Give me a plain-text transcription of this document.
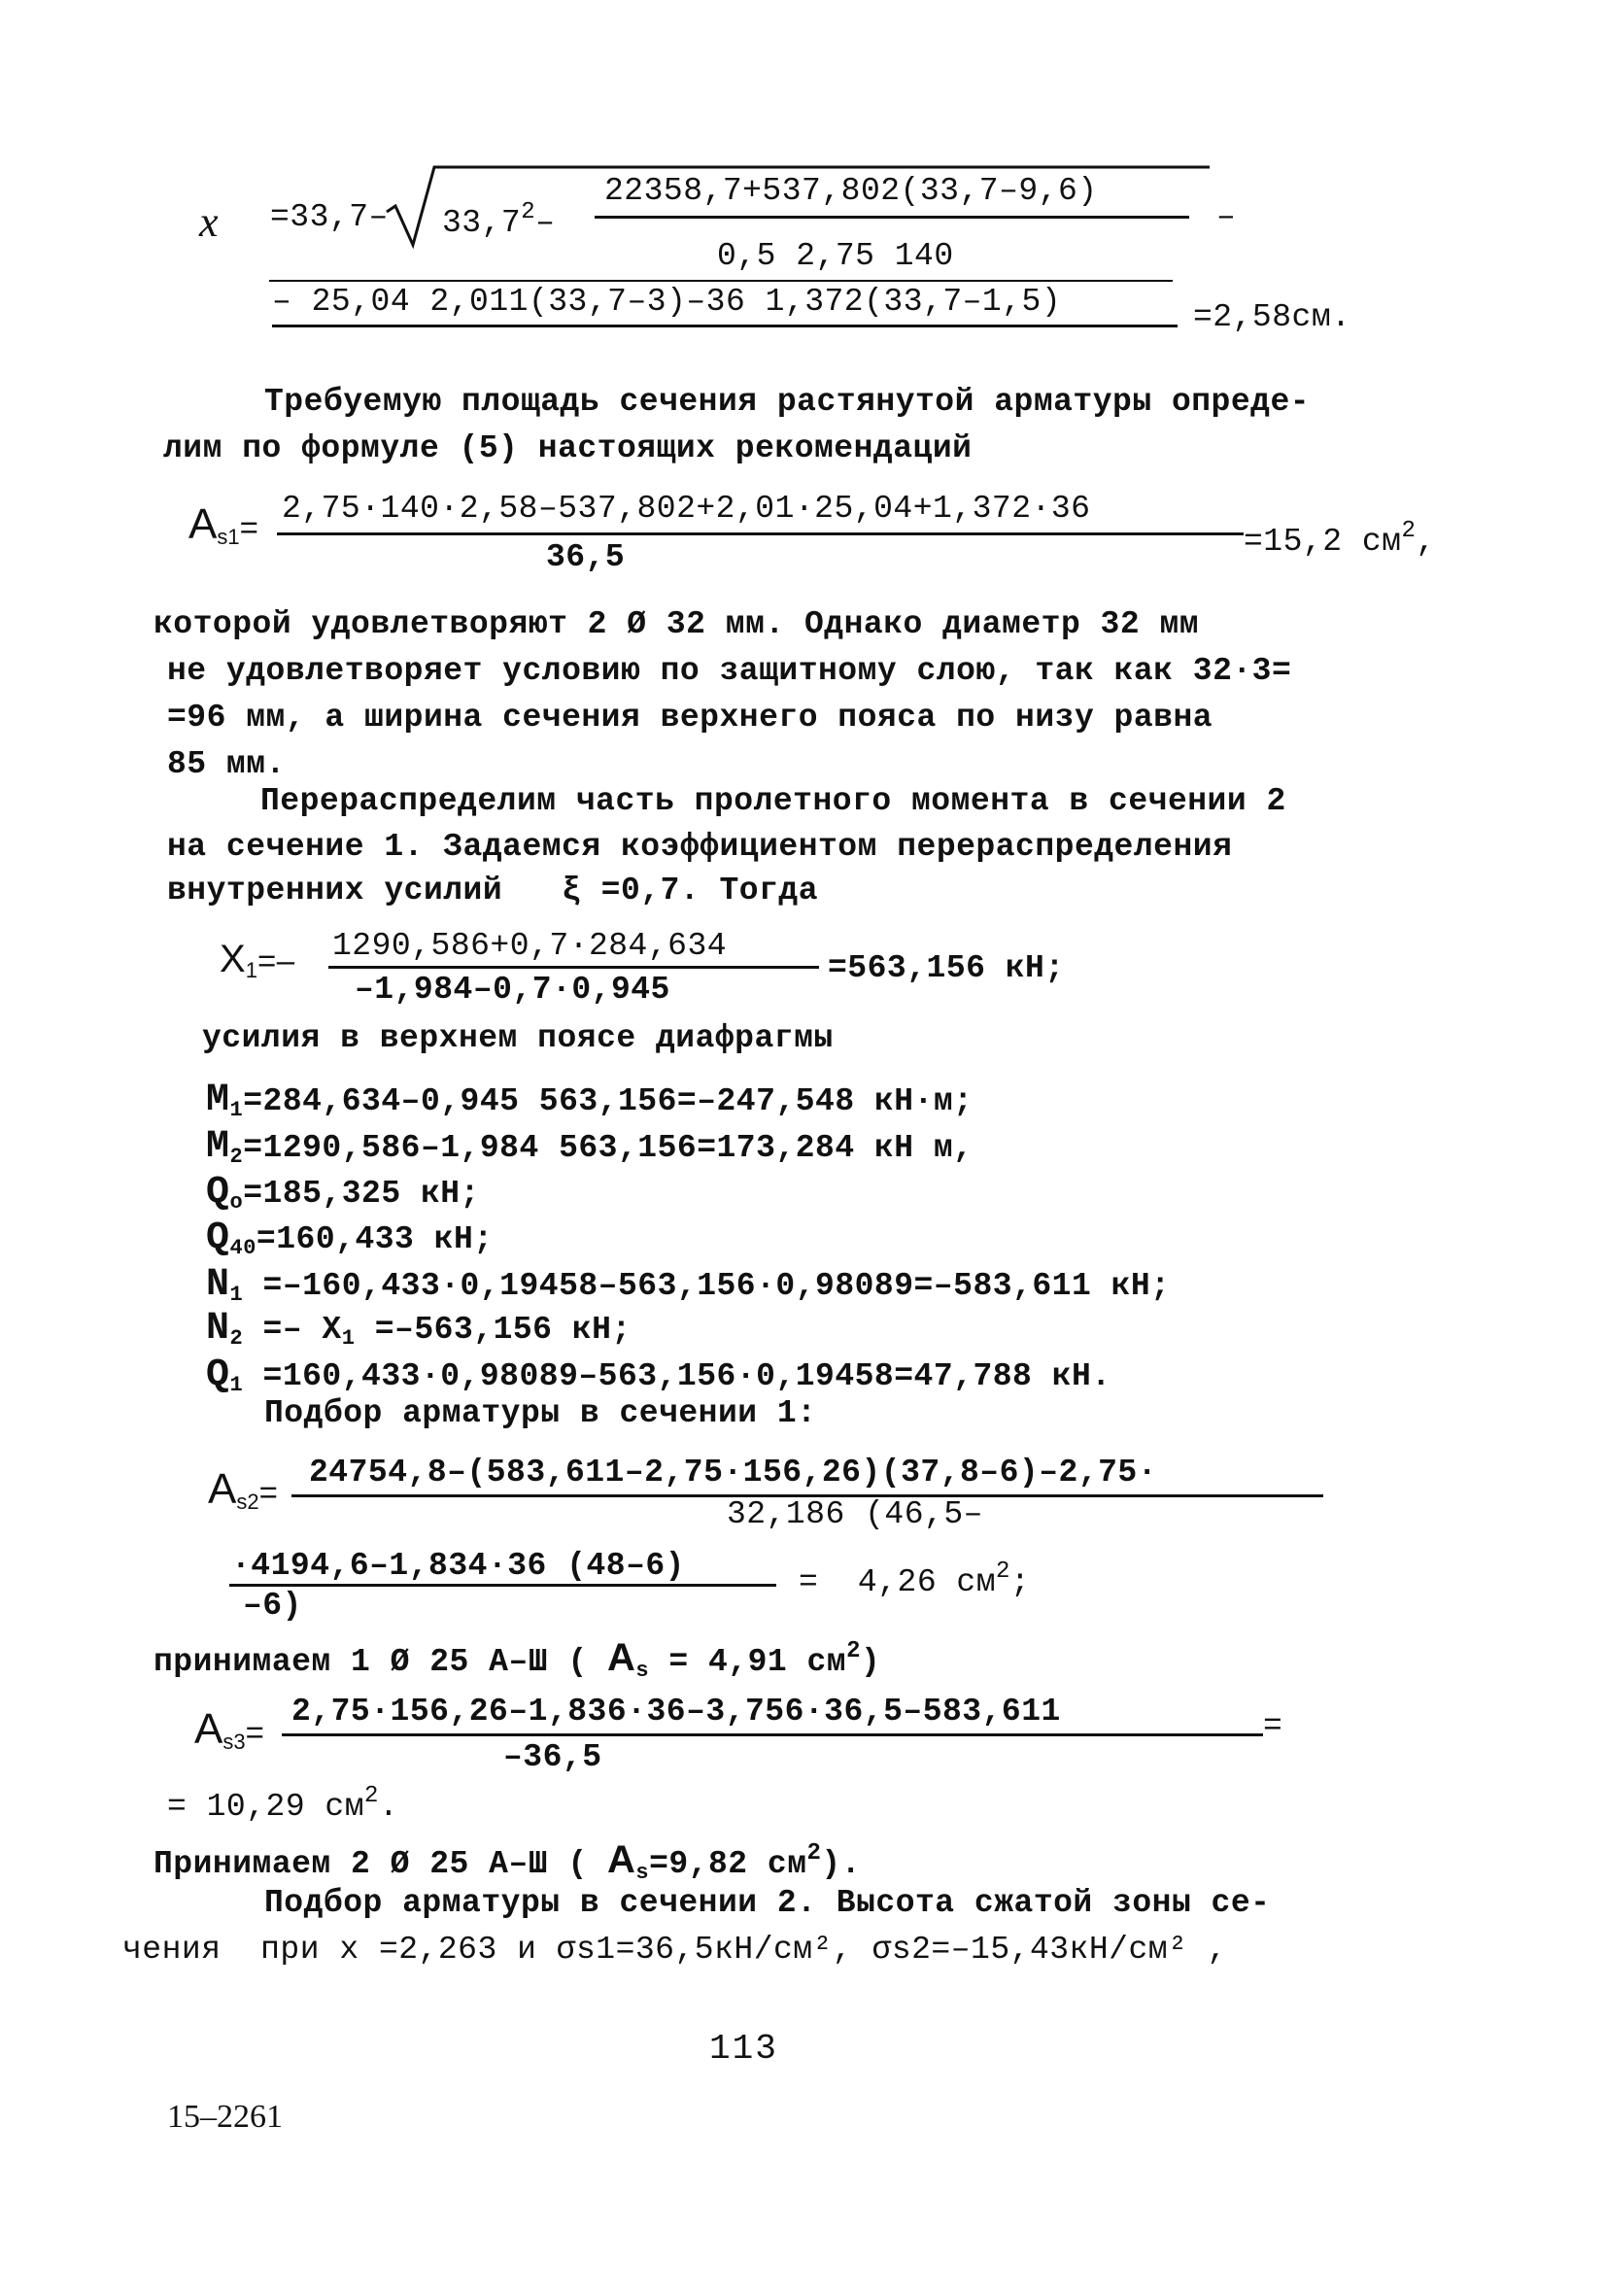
x =33,7– 33,7$^2$–
22358,7+537,802(33,7–9,6)
0,5 2,75 140
–
– 25,04 2,011(33,7–3)–36 1,372(33,7–1,5)	=2,58см.
Требуемую площадь сечения растянутой арматуры опреде-
лим по формуле (5) настоящих рекомендаций
$A_{s1}=$
2,75·140·2,58–537,802+2,01·25,04+1,372·36
36,5	=15,2 $см^2$,
которой удовлетворяют 2 Ø 32 мм. Однако диаметр 32 мм
не удовлетворяет условию по защитному слою, так как 32·3=
=96 мм, а ширина сечения верхнего пояса по низу равна
85 мм.
Перераспределим часть пролетного момента в сечении 2
на сечение 1. Задаемся коэффициентом перераспределения
внутренних усилий   ξ =0,7. Тогда
$X_1=-$ 1290,586+0,7·284,634
–1,984–0,7·0,945
=563,156 кН;
усилия в верхнем поясе диафрагмы
$M_1=284,634-0,945$ 563,156=–247,548 кН·м;
$M_2=1290,586-1,984$ 563,156=173,284 кН м,
$Q_o=185,325$ кН;
$Q_{40}=160,433$ кН;
$N_1 =-160,433\cdot 0,19458-563,156\cdot 0,98089=-583,611$ кН;
$N_2 =- X_1 =-563,156$ кН;
$Q_1 =160,433\cdot 0,98089-563,156\cdot 0,19458=47,788$ кН.
Подбор арматуры в сечении 1:
$A_{s2}=$
24754,8–(583,611–2,75·156,26)(37,8–6)–2,75·
32,186 (46,5–
·4194,6–1,834·36 (48–6)
–6)
=  4,26 $см^2$;
принимаем 1 Ø 25 А–Ш ( $A_s = 4,91$ $см^2$)
$A_{s3}=$
2,75·156,26–1,836·36–3,756·36,5–583,611
–36,5
=
= 10,29 $см^2$.
Принимаем 2 Ø 25 А–Ш ( $A_s=9,82$ $см^2$).
Подбор арматуры в сечении 2. Высота сжатой зоны се-
чения  при x =2,263 и σs1=36,5кН/см², σs2=–15,43кН/см² ,
113
15–2261
